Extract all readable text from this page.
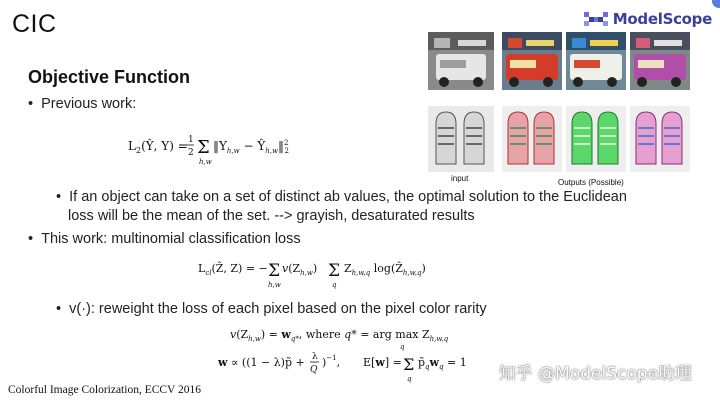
CIC	ModelScope
Objective Function
•  Previous work:
$L_2(Ŷ$, Y) = 1
2 Σ
h,w
$‖Y_{h,w}$ − $Ŷ_{h,w}‖^2$ 2
•  If an object can take on a set of distinct ab values, the optimal solution to the Euclidean
loss will be the mean of the set. --> grayish, desaturated results
•  This work: multinomial classification loss
$L_{cl}(Ẑ$, Z) = − Σ
h,w
$v(Z_{h,w})$ Σ
q
$Z_{h,w,q}$ log(Ẑ$_{h,w,q}$)
•  v(·): reweight the loss of each pixel based on the pixel color rarity
$v(Z_{h,w}) = w_{q*}$, where q* = arg $\max Z_{h,w,q}$
q
w ∝ ((1 − λ)p̃ + λ
Q
)$^{-1}$, E[w] = Σ
q
$p̃_qw_q = 1$
input	Outputs (Possible)
Colorful Image Colorization, ECCV 2016
知乎 @ModelScope助理
